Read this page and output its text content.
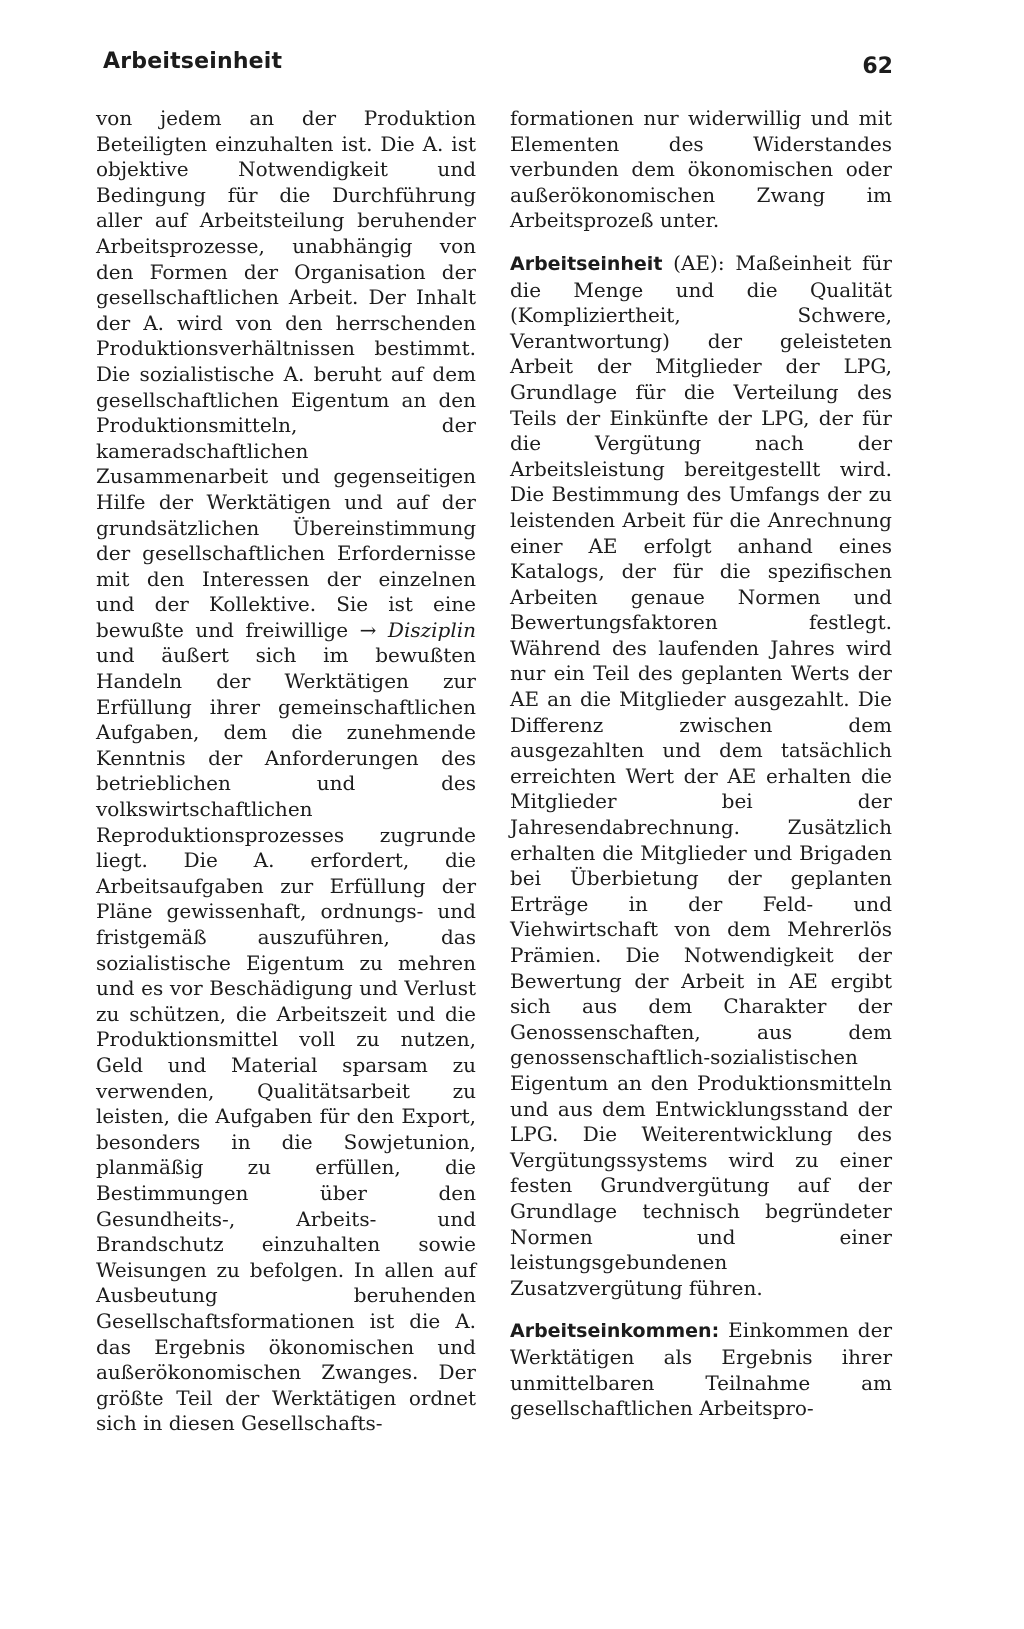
Arbeitseinheit	62

von jedem an der Produktion Beteiligten einzuhalten ist. Die A. ist objektive Notwendigkeit und Bedingung für die Durchführung aller auf Arbeitsteilung beruhender Arbeitsprozesse, unabhängig von den Formen der Organisation der gesellschaftlichen Arbeit. Der Inhalt der A. wird von den herrschenden Produktionsverhältnissen bestimmt. Die sozialistische A. beruht auf dem gesellschaftlichen Eigentum an den Produktionsmitteln, der kameradschaftlichen Zusammenarbeit und gegenseitigen Hilfe der Werktätigen und auf der grundsätzlichen Übereinstimmung der gesellschaftlichen Erfordernisse mit den Interessen der einzelnen und der Kollektive. Sie ist eine bewußte und freiwillige → Disziplin und äußert sich im bewußten Handeln der Werktätigen zur Erfüllung ihrer gemeinschaftlichen Aufgaben, dem die zunehmende Kenntnis der Anforderungen des betrieblichen und des volkswirtschaftlichen Reproduktionsprozesses zugrunde liegt. Die A. erfordert, die Arbeitsaufgaben zur Erfüllung der Pläne gewissenhaft, ordnungs- und fristgemäß auszuführen, das sozialistische Eigentum zu mehren und es vor Beschädigung und Verlust zu schützen, die Arbeitszeit und die Produktionsmittel voll zu nutzen, Geld und Material sparsam zu verwenden, Qualitätsarbeit zu leisten, die Aufgaben für den Export, besonders in die Sowjetunion, planmäßig zu erfüllen, die Bestimmungen über den Gesundheits-, Arbeits- und Brandschutz einzuhalten sowie Weisungen zu befolgen. In allen auf Ausbeutung beruhenden Gesellschaftsformationen ist die A. das Ergebnis ökonomischen und außerökonomischen Zwanges. Der größte Teil der Werktätigen ordnet sich in diesen Gesellschafts-

formationen nur widerwillig und mit Elementen des Widerstandes verbunden dem ökonomischen oder außerökonomischen Zwang im Arbeitsprozeß unter.

Arbeitseinheit (AE): Maßeinheit für die Menge und die Qualität (Kompliziertheit, Schwere, Verantwortung) der geleisteten Arbeit der Mitglieder der LPG, Grundlage für die Verteilung des Teils der Einkünfte der LPG, der für die Vergütung nach der Arbeitsleistung bereitgestellt wird. Die Bestimmung des Umfangs der zu leistenden Arbeit für die Anrechnung einer AE erfolgt anhand eines Katalogs, der für die spezifischen Arbeiten genaue Normen und Bewertungsfaktoren festlegt. Während des laufenden Jahres wird nur ein Teil des geplanten Werts der AE an die Mitglieder ausgezahlt. Die Differenz zwischen dem ausgezahlten und dem tatsächlich erreichten Wert der AE erhalten die Mitglieder bei der Jahresendabrechnung. Zusätzlich erhalten die Mitglieder und Brigaden bei Überbietung der geplanten Erträge in der Feld- und Viehwirtschaft von dem Mehrerlös Prämien. Die Notwendigkeit der Bewertung der Arbeit in AE ergibt sich aus dem Charakter der Genossenschaften, aus dem genossenschaftlich-sozialistischen Eigentum an den Produktionsmitteln und aus dem Entwicklungsstand der LPG. Die Weiterentwicklung des Vergütungssystems wird zu einer festen Grundvergütung auf der Grundlage technisch begründeter Normen und einer leistungsgebundenen Zusatzvergütung führen.

Arbeitseinkommen: Einkommen der Werktätigen als Ergebnis ihrer unmittelbaren Teilnahme am gesellschaftlichen Arbeitspro-
